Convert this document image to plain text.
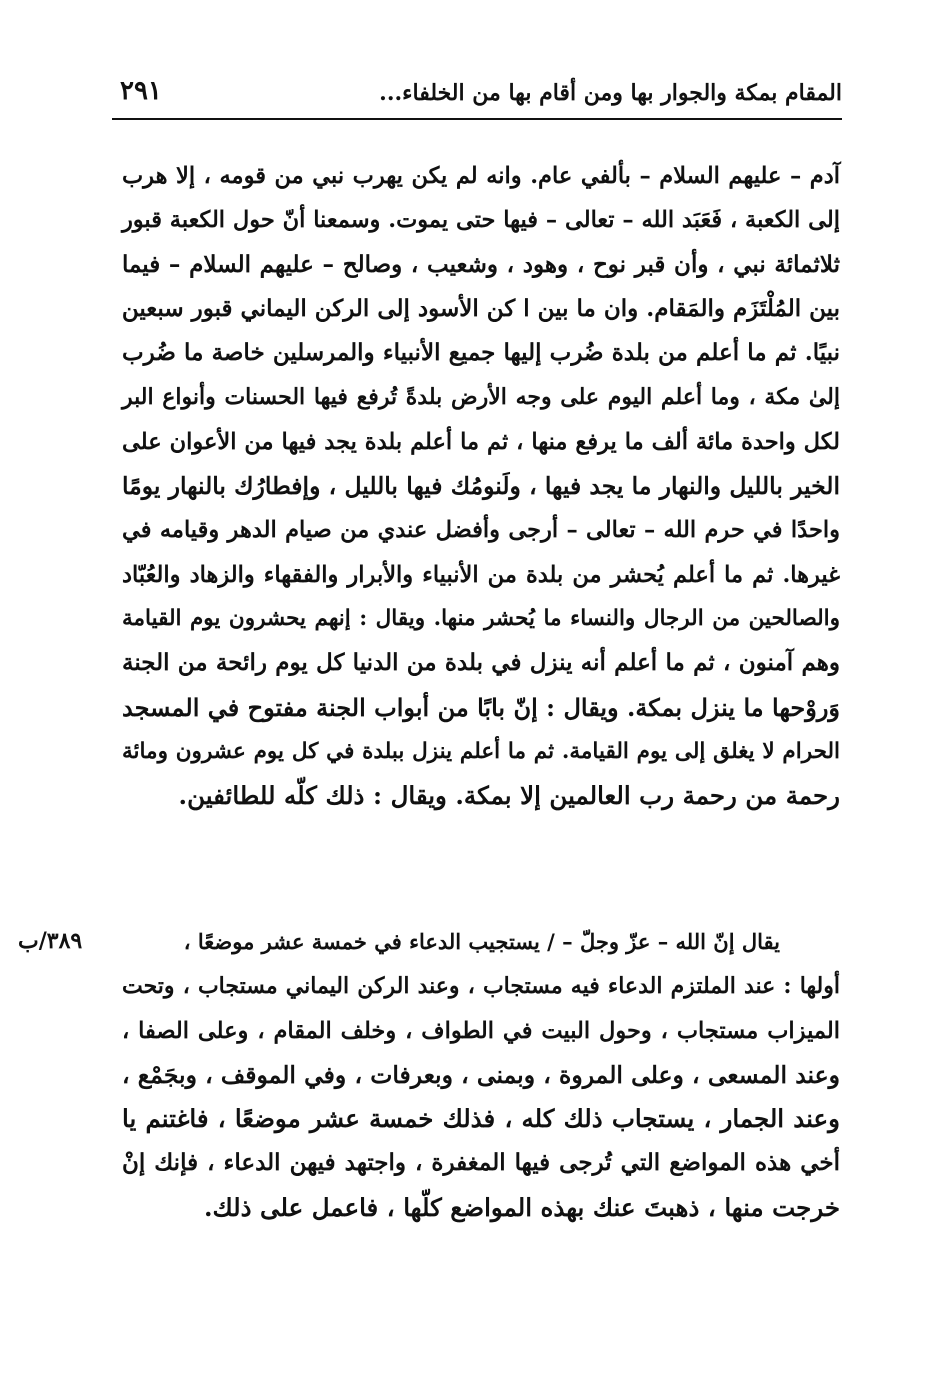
المقام بمكة والجوار بها ومن أقام بها من الخلفاء...
٢٩١
آدم – عليهم السلام – بألفي عام. وانه لم يكن يهرب نبي من قومه ، إلا هرب
إلى الكعبة ، فَعَبَد الله – تعالى – فيها حتى يموت. وسمعنا أنّ حول الكعبة قبور
ثلاثمائة نبي ، وأن قبر نوح ، وهود ، وشعيب ، وصالح – عليهم السلام – فيما
بين المُلْتَزَم والمَقام. وان ما بين ا كن الأسود إلى الركن اليماني قبور سبعين
نبيًا. ثم ما أعلم من بلدة ضُرب إليها جميع الأنبياء والمرسلين خاصة ما ضُرب
إلىٰ مكة ، وما أعلم اليوم على وجه الأرض بلدةً تُرفع فيها الحسنات وأنواع البر
لكل واحدة مائة ألف ما يرفع منها ، ثم ما أعلم بلدة يجد فيها من الأعوان على
الخير بالليل والنهار ما يجد فيها ، ولَنومُك فيها بالليل ، وإفطارُك بالنهار يومًا
واحدًا في حرم الله – تعالى – أرجى وأفضل عندي من صيام الدهر وقيامه في
غيرها. ثم ما أعلم يُحشر من بلدة من الأنبياء والأبرار والفقهاء والزهاد والعُبّاد
والصالحين من الرجال والنساء ما يُحشر منها. ويقال : إنهم يحشرون يوم القيامة
وهم آمنون ، ثم ما أعلم أنه ينزل في بلدة من الدنيا كل يوم رائحة من الجنة
وَروْحها ما ينزل بمكة. ويقال : إنّ بابًا من أبواب الجنة مفتوح في المسجد
الحرام لا يغلق إلى يوم القيامة. ثم ما أعلم ينزل ببلدة في كل يوم عشرون ومائة
رحمة من رحمة رب العالمين إلا بمكة. ويقال : ذلك كلّه للطائفين.
٣٨٩/ب	يقال إنّ الله – عزّ وجلّ – / يستجيب الدعاء في خمسة عشر موضعًا ،
أولها : عند الملتزم الدعاء فيه مستجاب ، وعند الركن اليماني مستجاب ، وتحت
الميزاب مستجاب ، وحول البيت في الطواف ، وخلف المقام ، وعلى الصفا ،
وعند المسعى ، وعلى المروة ، وبمنى ، وبعرفات ، وفي الموقف ، وبجَمْع ،
وعند الجمار ، يستجاب ذلك كله ، فذلك خمسة عشر موضعًا ، فاغتنم يا
أخي هذه المواضع التي تُرجى فيها المغفرة ، واجتهد فيهن الدعاء ، فإنك إنْ
خرجت منها ، ذهبتَ عنك بهذه المواضع كلّها ، فاعمل على ذلك.
